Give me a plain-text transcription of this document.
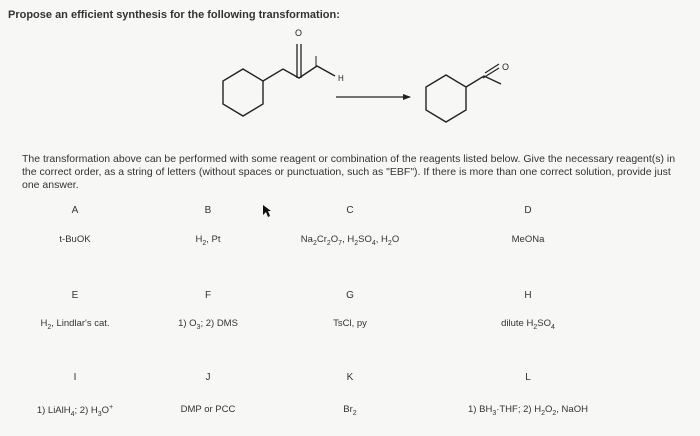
Propose an efficient synthesis for the following transformation:
O
H
O
The transformation above can be performed with some reagent or combination of the reagents listed below. Give the necessary reagent(s) in the correct order, as a string of letters (without spaces or punctuation, such as "EBF"). If there is more than one correct solution, provide just one answer.
A
t-BuOK
B
$H_2$, Pt
C
$Na_2Cr_2O_7$, $H_2SO_4$, $H_2O$
D
MeONa
E
$H_2$, Lindlar's cat.
F
1) $O_3$; 2) DMS
G
TsCl, py
H
dilute $H_2SO_4$
I
1) LiAlH$_4$; 2) $H_3O^+$
J
DMP or PCC
K
$Br_2$
L
1) $BH_3\cdot THF$; 2) $H_2O_2$, NaOH
